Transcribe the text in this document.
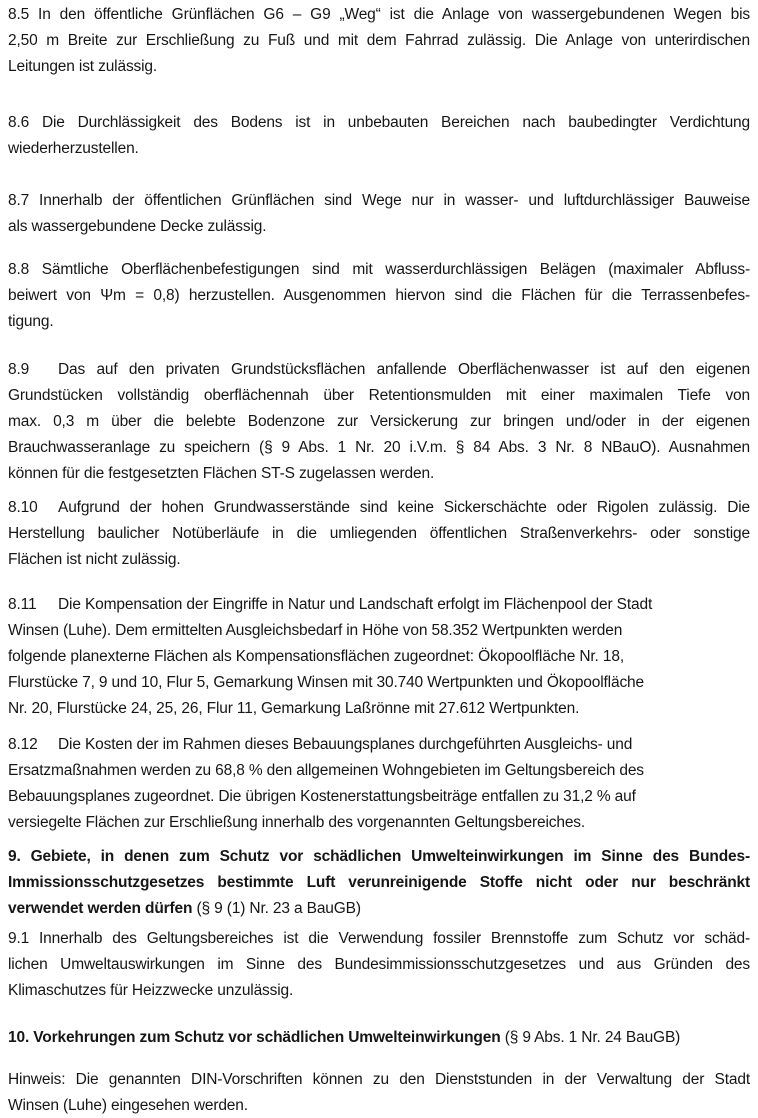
8.5 In den öffentliche Grünflächen G6 – G9 „Weg“ ist die Anlage von wassergebundenen Wegen bis
2,50 m Breite zur Erschließung zu Fuß und mit dem Fahrrad zulässig. Die Anlage von unterirdischen
Leitungen ist zulässig.
8.6 Die Durchlässigkeit des Bodens ist in unbebauten Bereichen nach baubedingter Verdichtung
wiederherzustellen.
8.7 Innerhalb der öffentlichen Grünflächen sind Wege nur in wasser- und luftdurchlässiger Bauweise
als wassergebundene Decke zulässig.
8.8 Sämtliche Oberflächenbefestigungen sind mit wasserdurchlässigen Belägen (maximaler Abfluss-
beiwert von Ψm = 0,8) herzustellen. Ausgenommen hiervon sind die Flächen für die Terrassenbefes-
tigung.
8.9 Das auf den privaten Grundstücksflächen anfallende Oberflächenwasser ist auf den eigenen
Grundstücken vollständig oberflächennah über Retentionsmulden mit einer maximalen Tiefe von
max. 0,3 m über die belebte Bodenzone zur Versickerung zur bringen und/oder in der eigenen
Brauchwasseranlage zu speichern (§ 9 Abs. 1 Nr. 20 i.V.m. § 84 Abs. 3 Nr. 8 NBauO). Ausnahmen
können für die festgesetzten Flächen ST-S zugelassen werden.
8.10 Aufgrund der hohen Grundwasserstände sind keine Sickerschächte oder Rigolen zulässig. Die
Herstellung baulicher Notüberläufe in die umliegenden öffentlichen Straßenverkehrs- oder sonstige
Flächen ist nicht zulässig.
8.11 Die Kompensation der Eingriffe in Natur und Landschaft erfolgt im Flächenpool der Stadt
Winsen (Luhe). Dem ermittelten Ausgleichsbedarf in Höhe von 58.352 Wertpunkten werden
folgende planexterne Flächen als Kompensationsflächen zugeordnet: Ökopoolfläche Nr. 18,
Flurstücke 7, 9 und 10, Flur 5, Gemarkung Winsen mit 30.740 Wertpunkten und Ökopoolfläche
Nr. 20, Flurstücke 24, 25, 26, Flur 11, Gemarkung Laßrönne mit 27.612 Wertpunkten.
8.12 Die Kosten der im Rahmen dieses Bebauungsplanes durchgeführten Ausgleichs- und
Ersatzmaßnahmen werden zu 68,8 % den allgemeinen Wohngebieten im Geltungsbereich des
Bebauungsplanes zugeordnet. Die übrigen Kostenerstattungsbeiträge entfallen zu 31,2 % auf
versiegelte Flächen zur Erschließung innerhalb des vorgenannten Geltungsbereiches.
9. Gebiete, in denen zum Schutz vor schädlichen Umwelteinwirkungen im Sinne des Bundes-
Immissionsschutzgesetzes bestimmte Luft verunreinigende Stoffe nicht oder nur beschränkt
verwendet werden dürfen (§ 9 (1) Nr. 23 a BauGB)
9.1 Innerhalb des Geltungsbereiches ist die Verwendung fossiler Brennstoffe zum Schutz vor schäd-
lichen Umweltauswirkungen im Sinne des Bundesimmissionsschutzgesetzes und aus Gründen des
Klimaschutzes für Heizzwecke unzulässig.
10. Vorkehrungen zum Schutz vor schädlichen Umwelteinwirkungen (§ 9 Abs. 1 Nr. 24 BauGB)
Hinweis: Die genannten DIN-Vorschriften können zu den Dienststunden in der Verwaltung der Stadt
Winsen (Luhe) eingesehen werden.
